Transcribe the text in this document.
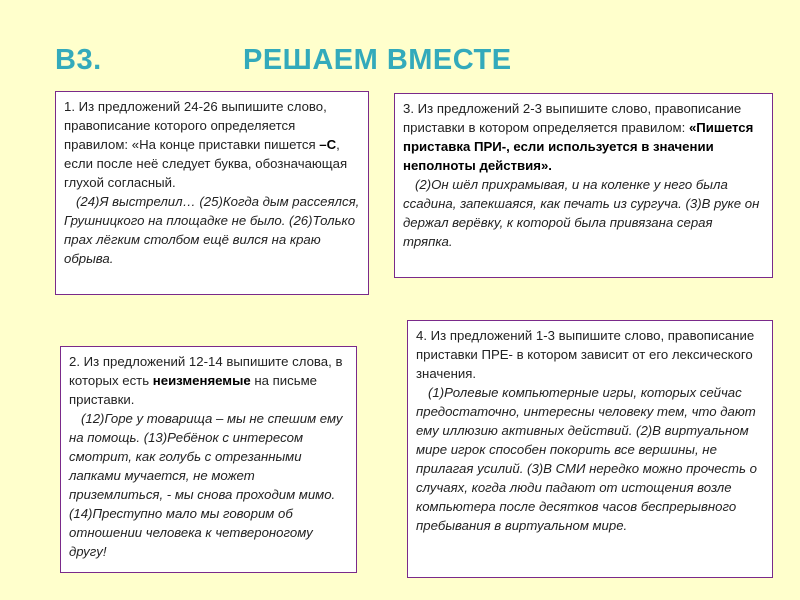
В3.	РЕШАЕМ ВМЕСТЕ

1. Из предложений 24-26 выпишите слово, правописание которого определяется правилом: «На конце приставки пишется –С, если после неё следует буква, обозначающая глухой согласный.

(24)Я выстрелил… (25)Когда дым рассеялся, Грушницкого на площадке не было. (26)Только прах лёгким столбом ещё вился на краю обрыва.

3. Из предложений 2-3 выпишите слово, правописание приставки в котором определяется правилом: «Пишется приставка ПРИ-, если используется в значении неполноты действия».

(2)Он шёл прихрамывая, и на коленке у него была ссадина, запекшаяся, как печать из сургуча. (3)В руке он держал верёвку, к которой была привязана серая тряпка.

2. Из предложений 12-14 выпишите слова, в которых есть неизменяемые на письме приставки.

(12)Горе у товарища – мы не спешим ему на помощь. (13)Ребёнок с интересом смотрит, как голубь с отрезанными лапками мучается, не может приземлиться, - мы снова проходим мимо. (14)Преступно мало мы говорим об отношении человека к четвероногому другу!

4. Из предложений 1-3 выпишите слово, правописание приставки ПРЕ- в котором зависит от его лексического значения.

(1)Ролевые компьютерные игры, которых сейчас предостаточно, интересны человеку тем, что дают ему иллюзию активных действий. (2)В виртуальном мире игрок способен покорить все вершины, не прилагая усилий. (3)В СМИ нередко можно прочесть о случаях, когда люди падают от истощения возле компьютера после десятков часов беспрерывного пребывания в виртуальном мире.
